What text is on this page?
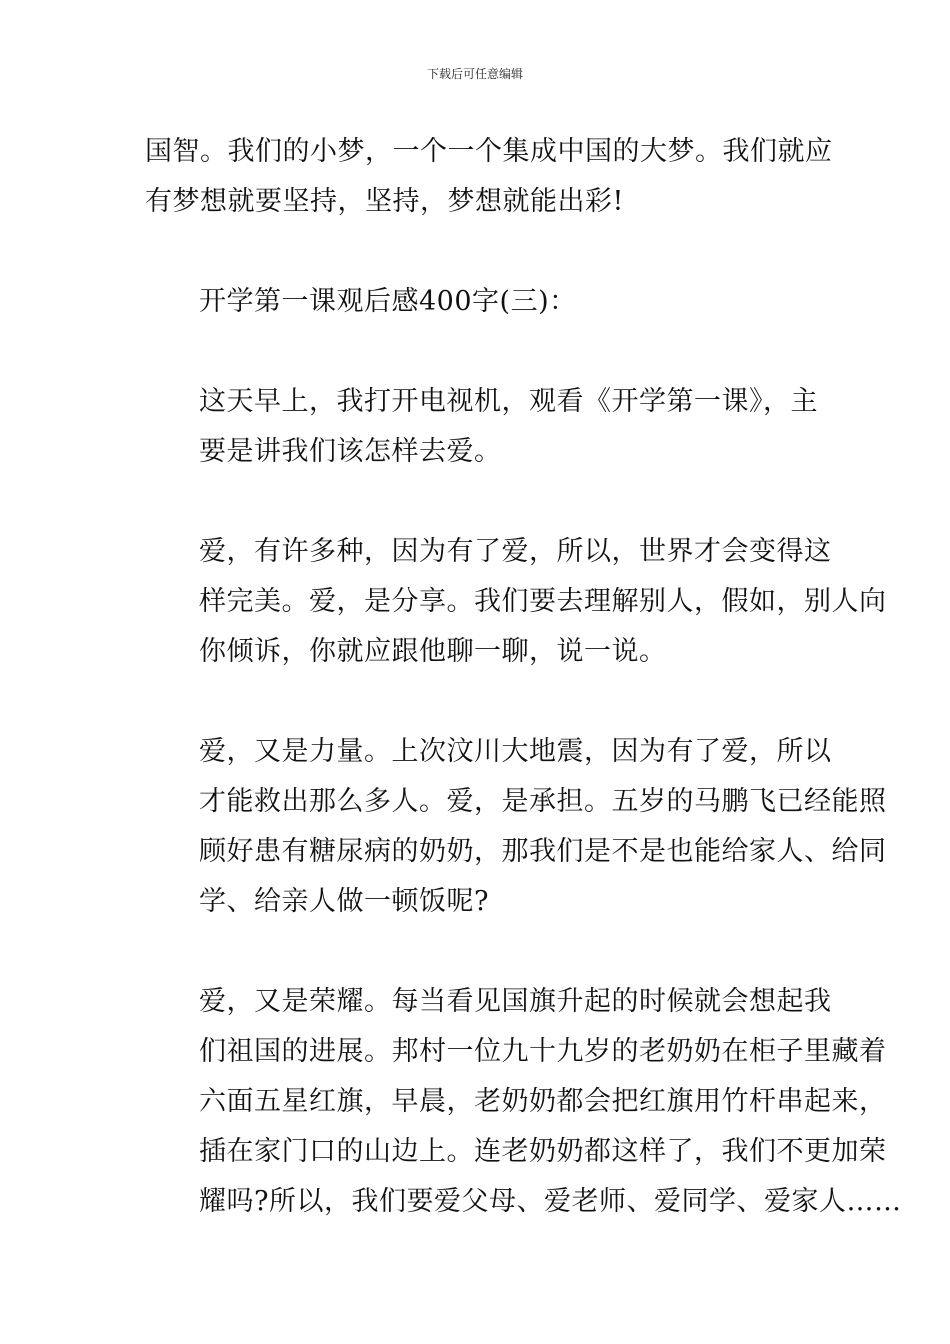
下载后可任意编辑

国智。我们的小梦，一个一个集成中国的大梦。我们就应
有梦想就要坚持，坚持，梦想就能出彩!

开学第一课观后感400字(三)：

这天早上，我打开电视机，观看《开学第一课》，主
要是讲我们该怎样去爱。

爱，有许多种，因为有了爱，所以，世界才会变得这
样完美。爱，是分享。我们要去理解别人，假如，别人向
你倾诉，你就应跟他聊一聊，说一说。

爱，又是力量。上次汶川大地震，因为有了爱，所以
才能救出那么多人。爱，是承担。五岁的马鹏飞已经能照
顾好患有糖尿病的奶奶，那我们是不是也能给家人、给同
学、给亲人做一顿饭呢?

爱，又是荣耀。每当看见国旗升起的时候就会想起我
们祖国的进展。邦村一位九十九岁的老奶奶在柜子里藏着
六面五星红旗，早晨，老奶奶都会把红旗用竹杆串起来，
插在家门口的山边上。连老奶奶都这样了，我们不更加荣
耀吗?所以，我们要爱父母、爱老师、爱同学、爱家人……
